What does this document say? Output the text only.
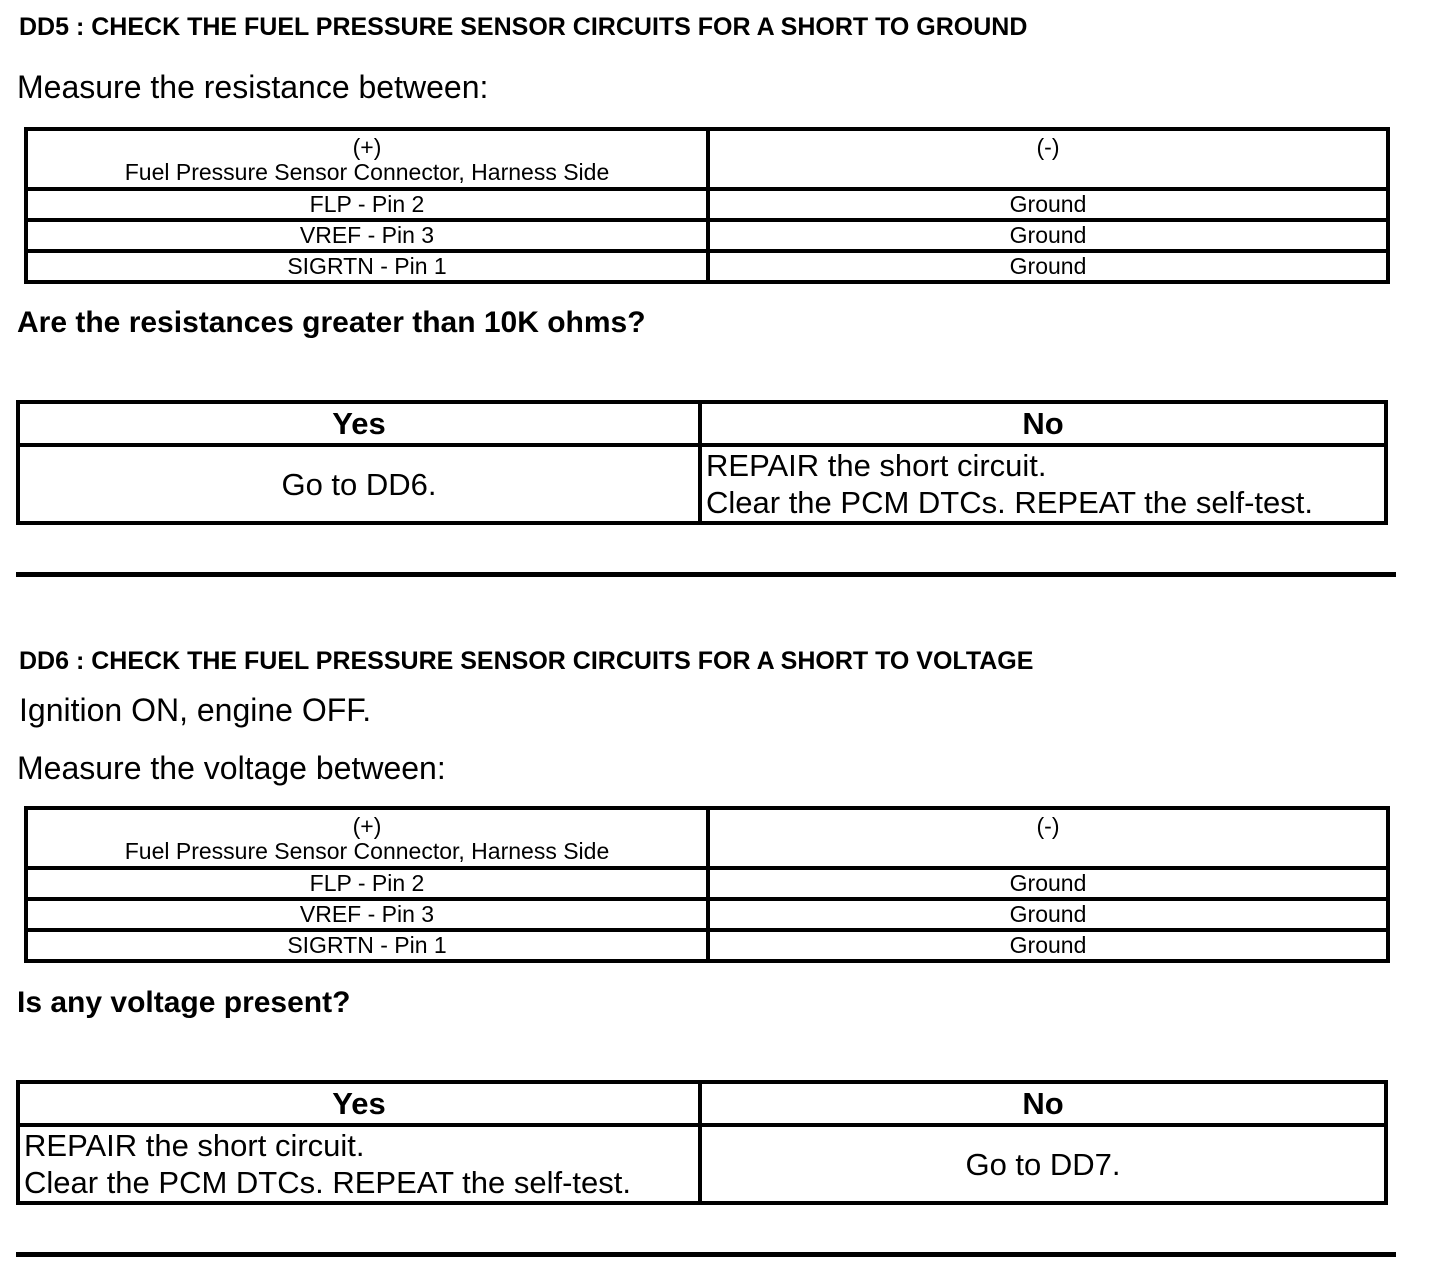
DD5 : CHECK THE FUEL PRESSURE SENSOR CIRCUITS FOR A SHORT TO GROUND
Measure the resistance between:
(+)
Fuel Pressure Sensor Connector, Harness Side	(-)

FLP - Pin 2	Ground
VREF - Pin 3	Ground
SIGRTN - Pin 1	Ground
Are the resistances greater than 10K ohms?
Yes	No
Go to DD6.	REPAIR the short circuit.
Clear the PCM DTCs. REPEAT the self-test.
DD6 : CHECK THE FUEL PRESSURE SENSOR CIRCUITS FOR A SHORT TO VOLTAGE
Ignition ON, engine OFF.
Measure the voltage between:
(+)
Fuel Pressure Sensor Connector, Harness Side	(-)

FLP - Pin 2	Ground
VREF - Pin 3	Ground
SIGRTN - Pin 1	Ground
Is any voltage present?
Yes	No

REPAIR the short circuit.
Clear the PCM DTCs. REPEAT the self-test.	Go to DD7.
